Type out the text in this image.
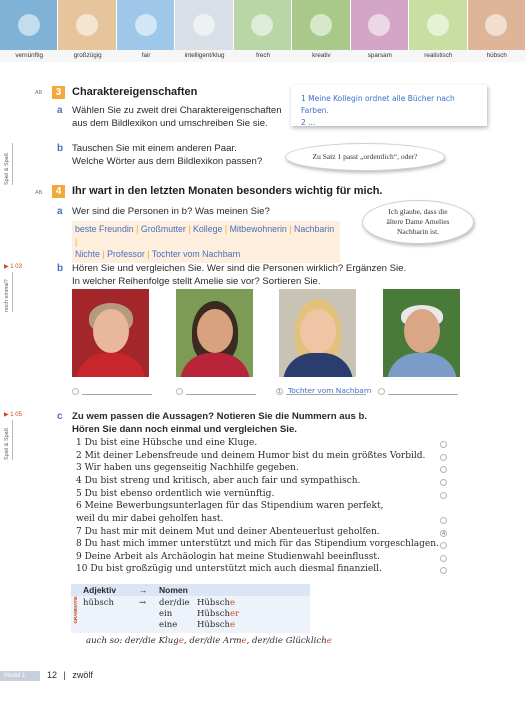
vernünftig	großzügig	fair	intelligent/klug	frech	kreativ	sparsam	realistisch	hübsch
AB	3 Charaktereigenschaften
a Wählen Sie zu zweit drei Charaktereigenschaften
aus dem Bildlexikon und umschreiben Sie sie.
1 Meine Kollegin ordnet alle Bücher nach Farben.
2 ...
Spiel & Spaß
b Tauschen Sie mit einem anderen Paar.
Welche Wörter aus dem Bildlexikon passen?	Zu Satz 1 passt „ordentlich“, oder?
AB	4 Ihr wart in den letzten Monaten besonders wichtig für mich.
a Wer sind die Personen in b? Was meinen Sie?
beste Freundin | Großmutter | Kollege | Mitbewohnerin | Nachbarin |
Nichte | Professor | Tochter vom Nachbarn
Ich glaube, dass die
ältere Dame Amelies
Nachbarin ist.
▶ 1 03
noch einmal?
b Hören Sie und vergleichen Sie. Wer sind die Personen wirklich? Ergänzen Sie.
In welcher Reihenfolge stellt Amelie sie vor? Sortieren Sie.
1 Tochter vom Nachbarn
▶ 1 05
Spiel & Spaß
c Zu wem passen die Aussagen? Notieren Sie die Nummern aus b.
Hören Sie dann noch einmal und vergleichen Sie.
1 Du bist eine Hübsche und eine Kluge.
2 Mit deiner Lebensfreude und deinem Humor bist du mein größtes Vorbild.
3 Wir haben uns gegenseitig Nachhilfe gegeben.
4 Du bist streng und kritisch, aber auch fair und sympathisch.
5 Du bist ebenso ordentlich wie vernünftig.
6 Meine Bewerbungsunterlagen für das Stipendium waren perfekt,
weil du mir dabei geholfen hast.
7 Du hast mir mit deinem Mut und deiner Abenteuerlust geholfen.
8 Du hast mich immer unterstützt und mich für das Stipendium vorgeschlagen.
9 Deine Arbeit als Archäologin hat meine Studienwahl beeinflusst.
10 Du bist großzügig und unterstützt mich auch diesmal finanziell.
4
GRAMMATIK
Adjektiv	→ Nomen
hübsch	→ der/die Hübsche
ein	Hübscher
eine Hübsche
auch so: der/die Kluge, der/die Arme, der/die Glückliche
Modul 1	12 | zwölf
